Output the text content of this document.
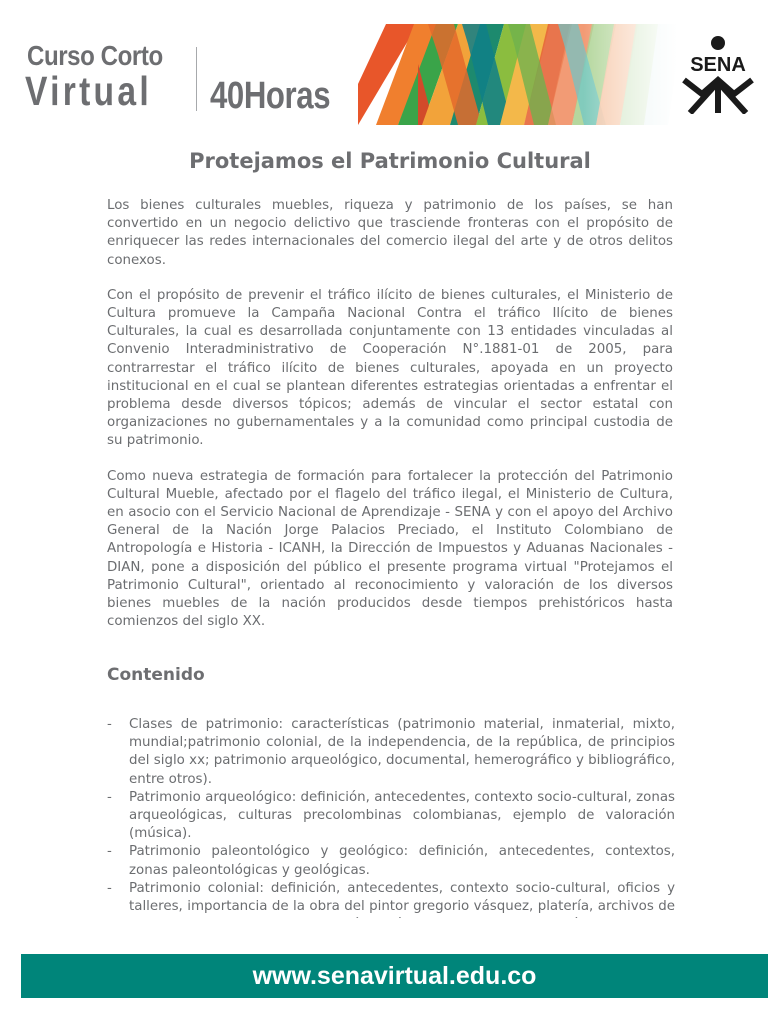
Curso Corto
Virtual 40Horas
SENA
Protejamos el Patrimonio Cultural

Los bienes culturales muebles, riqueza y patrimonio de los países, se han convertido en un negocio delictivo que trasciende fronteras con el propósito de enriquecer las redes internacionales del comercio ilegal del arte y de otros delitos conexos.

Con el propósito de prevenir el tráfico ilícito de bienes culturales, el Ministerio de Cultura promueve la Campaña Nacional Contra el tráfico Ilícito de bienes Culturales, la cual es desarrollada conjuntamente con 13 entidades vinculadas al Convenio Interadministrativo de Cooperación N°.1881-01 de 2005, para contrarrestar el tráfico ilícito de bienes culturales, apoyada en un proyecto institucional en el cual se plantean diferentes estrategias orientadas a enfrentar el problema desde diversos tópicos; además de vincular el sector estatal con organizaciones no gubernamentales y a la comunidad como principal custodia de su patrimonio.

Como nueva estrategia de formación para fortalecer la protección del Patrimonio Cultural Mueble, afectado por el flagelo del tráfico ilegal, el Ministerio de Cultura, en asocio con el Servicio Nacional de Aprendizaje - SENA y con el apoyo del Archivo General de la Nación Jorge Palacios Preciado, el Instituto Colombiano de Antropología e Historia - ICANH, la Dirección de Impuestos y Aduanas Nacionales - DIAN, pone a disposición del público el presente programa virtual "Protejamos el Patrimonio Cultural", orientado al reconocimiento y valoración de los diversos bienes muebles de la nación producidos desde tiempos prehistóricos hasta comienzos del siglo XX.

Contenido
- Clases de patrimonio: características (patrimonio material, inmaterial, mixto, mundial;patrimonio colonial, de la independencia, de la república, de principios del siglo xx; patrimonio arqueológico, documental, hemerográfico y bibliográfico, entre otros).
- Patrimonio arqueológico: definición, antecedentes, contexto socio-cultural, zonas arqueológicas, culturas precolombinas colombianas, ejemplo de valoración (música).
- Patrimonio paleontológico y geológico: definición, antecedentes, contextos, zonas paleontológicas y geológicas.
- Patrimonio colonial: definición, antecedentes, contexto socio-cultural, oficios y talleres, importancia de la obra del pintor gregorio vásquez, platería, archivos de
www.senavirtual.edu.co
